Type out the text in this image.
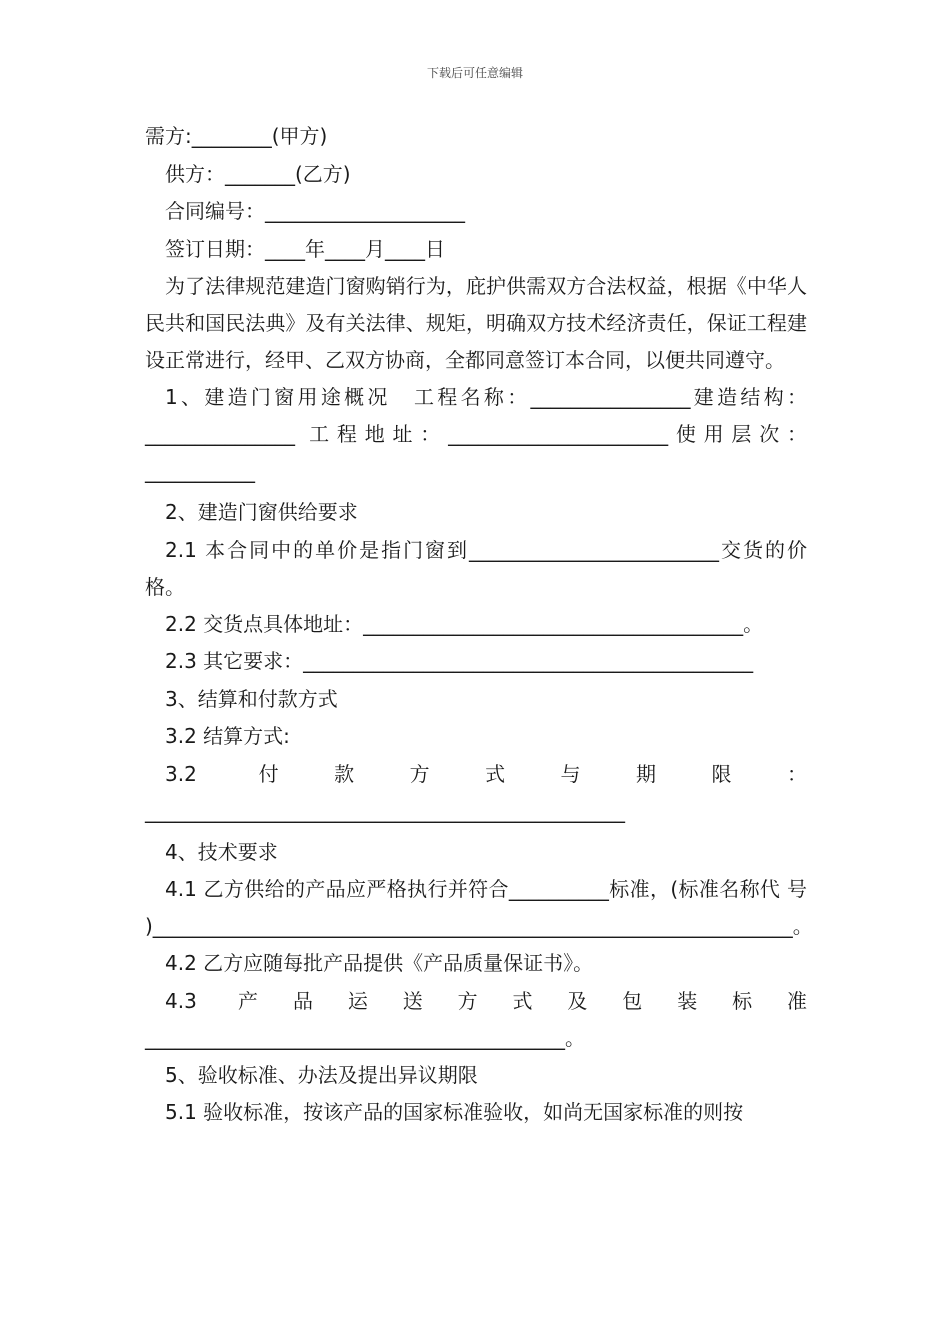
下载后可任意编辑

需方:________(甲方)

供方：_______(乙方)

合同编号：____________________

签订日期：____年____月____日

为了法律规范建造门窗购销行为，庇护供需双方合法权益，根据《中华人民共和国民法典》及有关法律、规矩，明确双方技术经济责任，保证工程建设正常进行，经甲、乙双方协商，全都同意签订本合同，以便共同遵守。

1、建造门窗用途概况　工程名称：________________建造结构：_______________ 工程地址：______________________使用层次：___________

2、建造门窗供给要求

2.1 本合同中的单价是指门窗到_________________________交货的价格。

2.2 交货点具体地址：______________________________________。

2.3 其它要求：_____________________________________________

3、结算和付款方式

3.2 结算方式:

3.2 付款方式与期限：________________________________________________

4、技术要求

4.1 乙方供给的产品应严格执行并符合__________标准，(标准名称代 号 )________________________________________________________________。

4.2 乙方应随每批产品提供《产品质量保证书》。

4.3 产品运送方式及包装标准__________________________________________。

5、验收标准、办法及提出异议期限

5.1 验收标准，按该产品的国家标准验收，如尚无国家标准的则按
